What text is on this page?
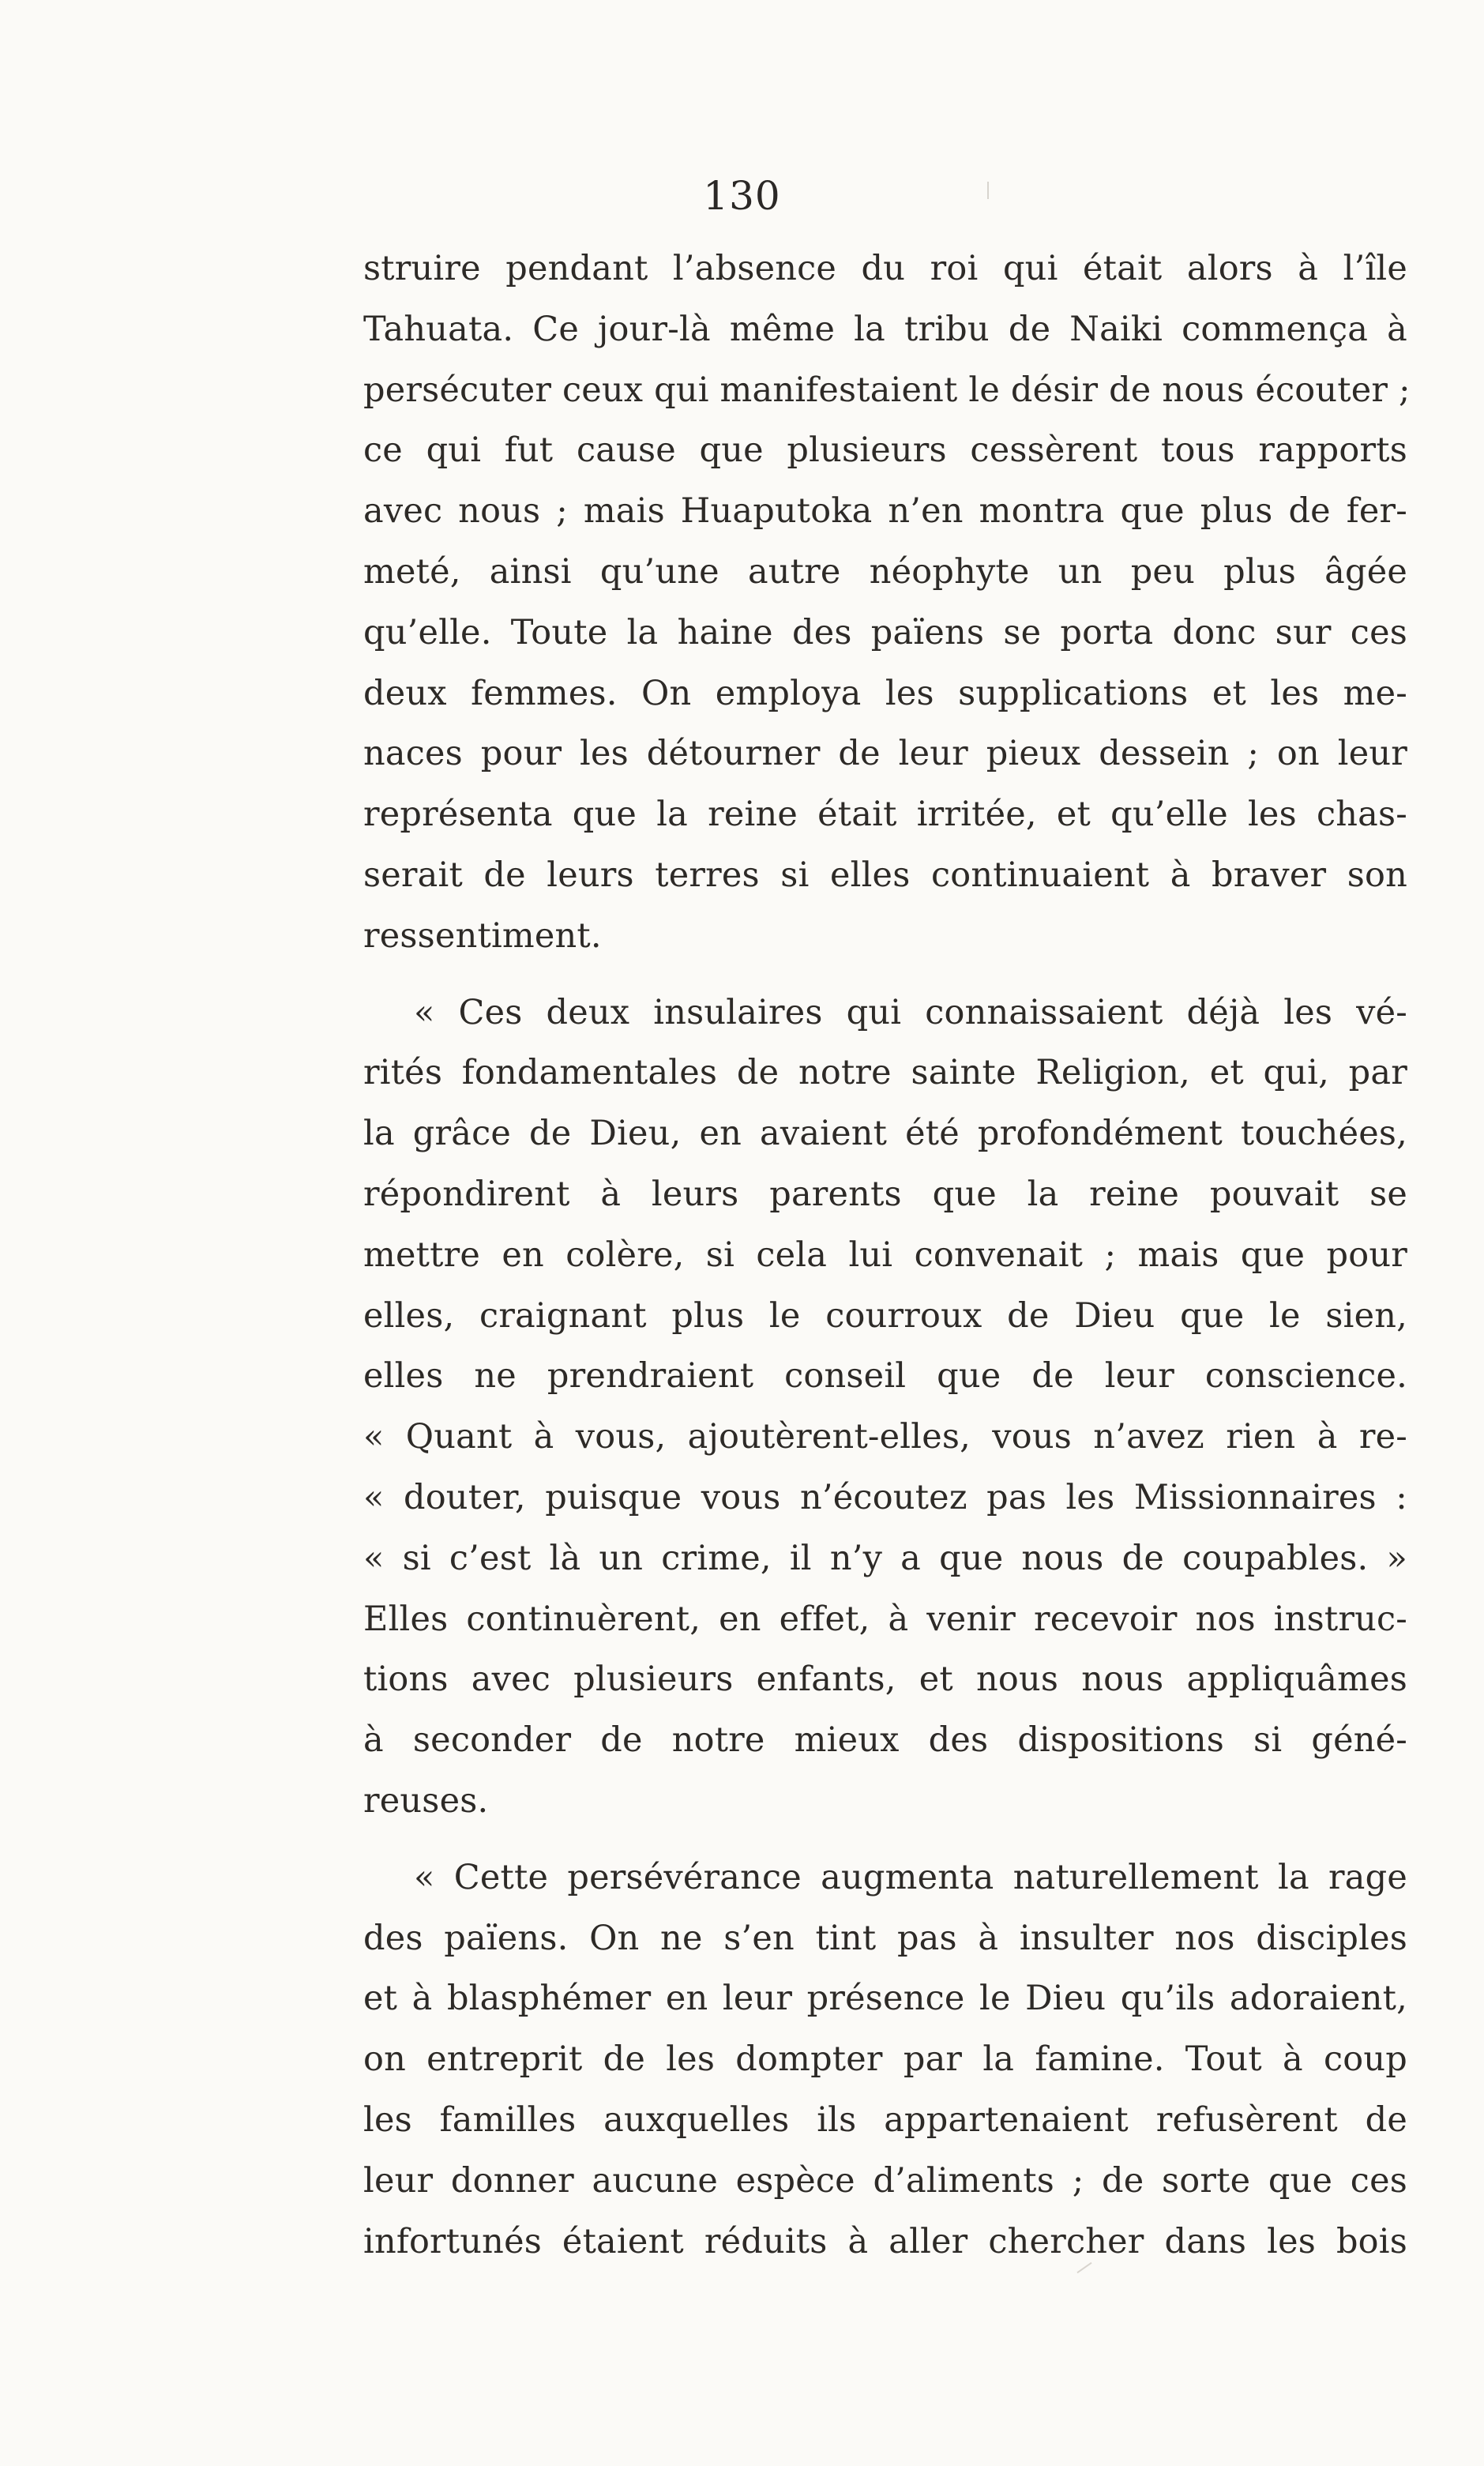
130
struire pendant l’absence du roi qui était alors à l’île
Tahuata. Ce jour-là même la tribu de Naiki commença à
persécuter ceux qui manifestaient le désir de nous écouter ;
ce qui fut cause que plusieurs cessèrent tous rapports
avec nous ; mais Huaputoka n’en montra que plus de fer-
meté, ainsi qu’une autre néophyte un peu plus âgée
qu’elle. Toute la haine des païens se porta donc sur ces
deux femmes. On employa les supplications et les me-
naces pour les détourner de leur pieux dessein ; on leur
représenta que la reine était irritée, et qu’elle les chas-
serait de leurs terres si elles continuaient à braver son
ressentiment.
« Ces deux insulaires qui connaissaient déjà les vé-
rités fondamentales de notre sainte Religion, et qui, par
la grâce de Dieu, en avaient été profondément touchées,
répondirent à leurs parents que la reine pouvait se
mettre en colère, si cela lui convenait ; mais que pour
elles, craignant plus le courroux de Dieu que le sien,
elles ne prendraient conseil que de leur conscience.
« Quant à vous, ajoutèrent-elles, vous n’avez rien à re-
« douter, puisque vous n’écoutez pas les Missionnaires :
« si c’est là un crime, il n’y a que nous de coupables. »
Elles continuèrent, en effet, à venir recevoir nos instruc-
tions avec plusieurs enfants, et nous nous appliquâmes
à seconder de notre mieux des dispositions si géné-
reuses.
« Cette persévérance augmenta naturellement la rage
des païens. On ne s’en tint pas à insulter nos disciples
et à blasphémer en leur présence le Dieu qu’ils adoraient,
on entreprit de les dompter par la famine. Tout à coup
les familles auxquelles ils appartenaient refusèrent de
leur donner aucune espèce d’aliments ; de sorte que ces
infortunés étaient réduits à aller chercher dans les bois
